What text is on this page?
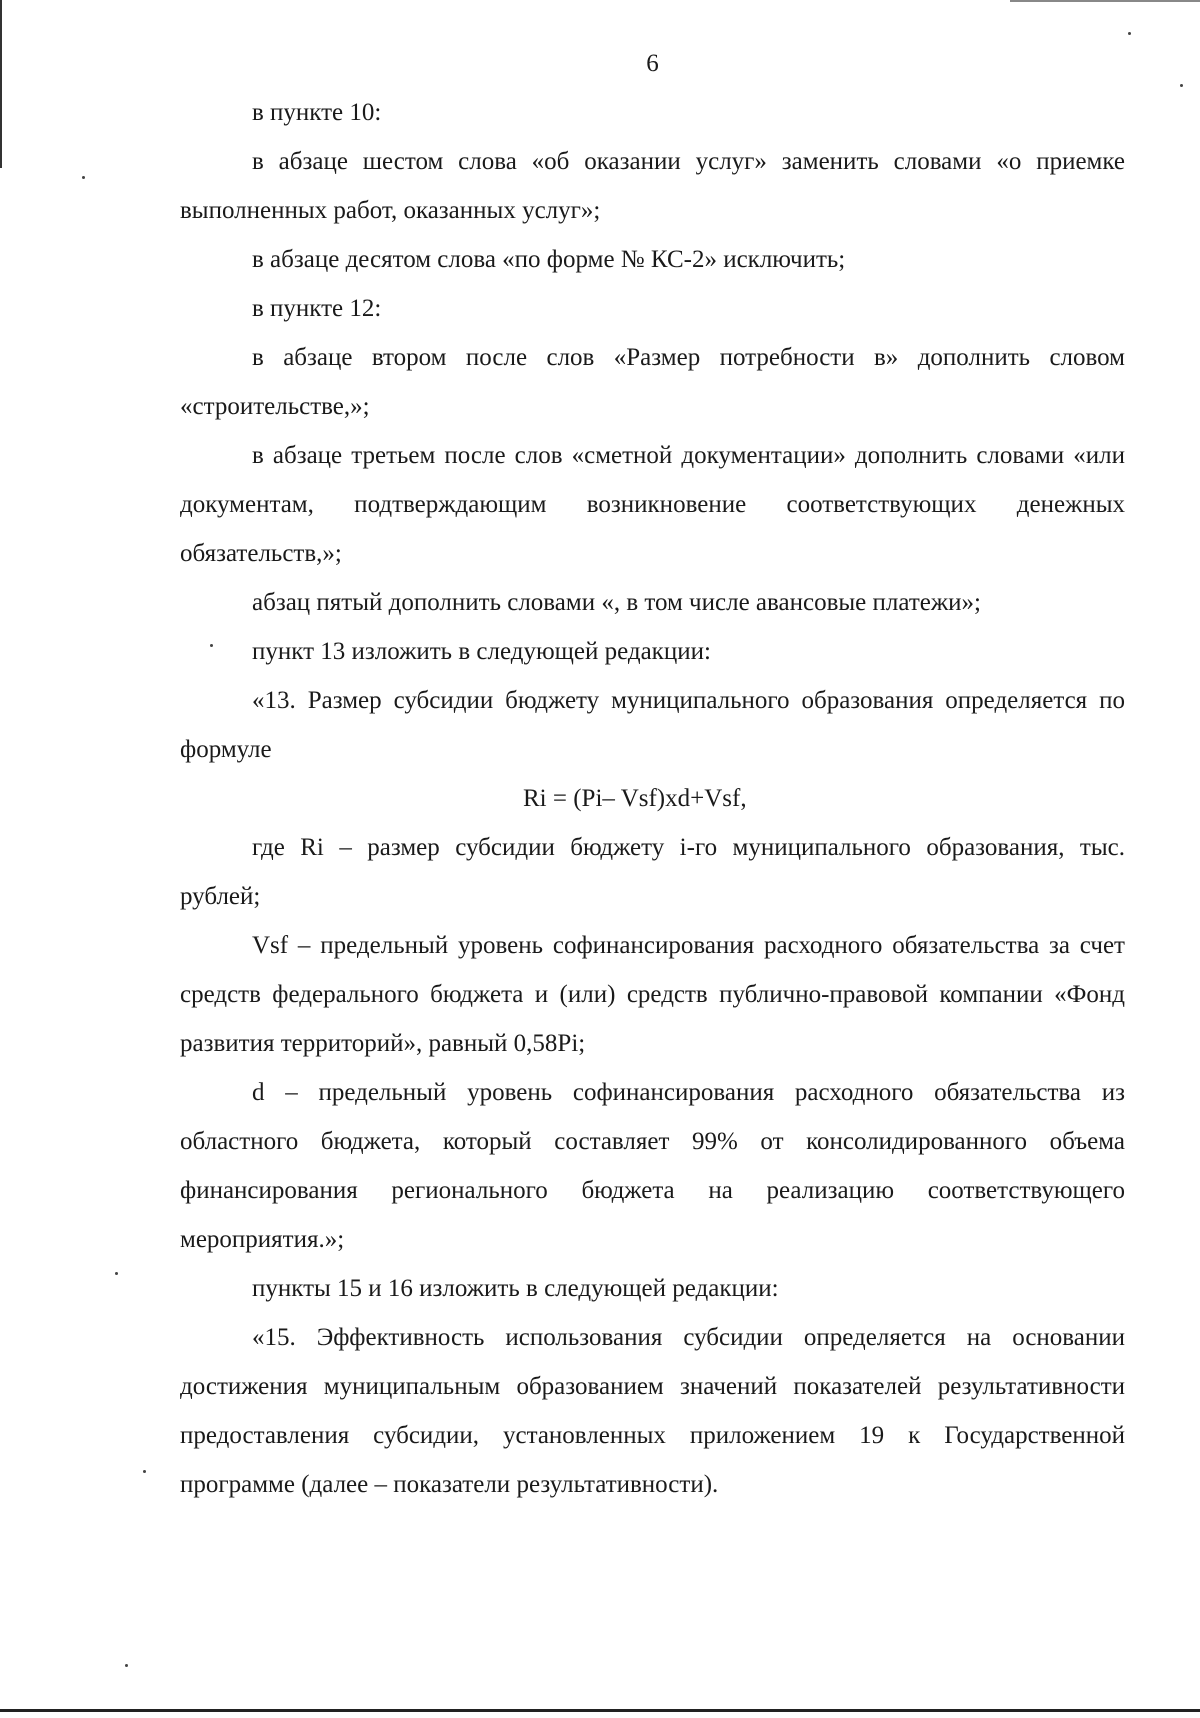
6

в пункте 10:

в абзаце шестом слова «об оказании услуг» заменить словами «о приемке выполненных работ, оказанных услуг»;

в абзаце десятом слова «по форме № КС-2» исключить;

в пункте 12:

в абзаце втором после слов «Размер потребности в» дополнить словом «строительстве,»;

в абзаце третьем после слов «сметной документации» дополнить словами «или документам, подтверждающим возникновение соответствующих денежных обязательств,»;

абзац пятый дополнить словами «, в том числе авансовые платежи»;

пункт 13 изложить в следующей редакции:

«13. Размер субсидии бюджету муниципального образования определяется по формуле

Ri = (Pi– Vsf)xd+Vsf,

где Ri – размер субсидии бюджету i-го муниципального образования, тыс. рублей;

Vsf – предельный уровень софинансирования расходного обязательства за счет средств федерального бюджета и (или) средств публично-правовой компании «Фонд развития территорий», равный 0,58Pi;

d – предельный уровень софинансирования расходного обязательства из областного бюджета, который составляет 99% от консолидированного объема финансирования регионального бюджета на реализацию соответствующего мероприятия.»;

пункты 15 и 16 изложить в следующей редакции:

«15. Эффективность использования субсидии определяется на основании достижения муниципальным образованием значений показателей результативности предоставления субсидии, установленных приложением 19 к Государственной программе (далее – показатели результативности).
